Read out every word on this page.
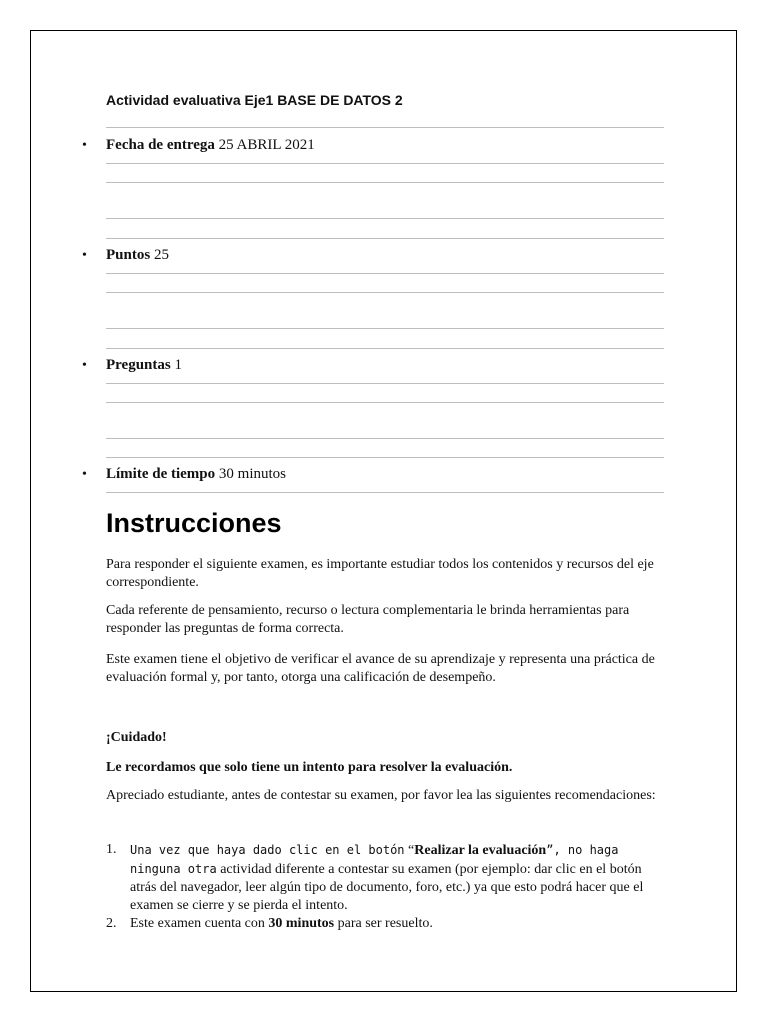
Actividad evaluativa Eje1 BASE DE DATOS 2
• Fecha de entrega 25 ABRIL 2021
• Puntos 25
• Preguntas 1
• Límite de tiempo 30 minutos
Instrucciones

Para responder el siguiente examen, es importante estudiar todos los contenidos y recursos del eje correspondiente.

Cada referente de pensamiento, recurso o lectura complementaria le brinda herramientas para responder las preguntas de forma correcta.

Este examen tiene el objetivo de verificar el avance de su aprendizaje y representa una práctica de evaluación formal y, por tanto, otorga una calificación de desempeño.

¡Cuidado!

Le recordamos que solo tiene un intento para resolver la evaluación.

Apreciado estudiante, antes de contestar su examen, por favor lea las siguientes recomendaciones:

1. Una vez que haya dado clic en el botón “Realizar la evaluación”, no haga ninguna otra actividad diferente a contestar su examen (por ejemplo: dar clic en el botón atrás del navegador, leer algún tipo de documento, foro, etc.) ya que esto podrá hacer que el examen se cierre y se pierda el intento.
2. Este examen cuenta con 30 minutos para ser resuelto.
